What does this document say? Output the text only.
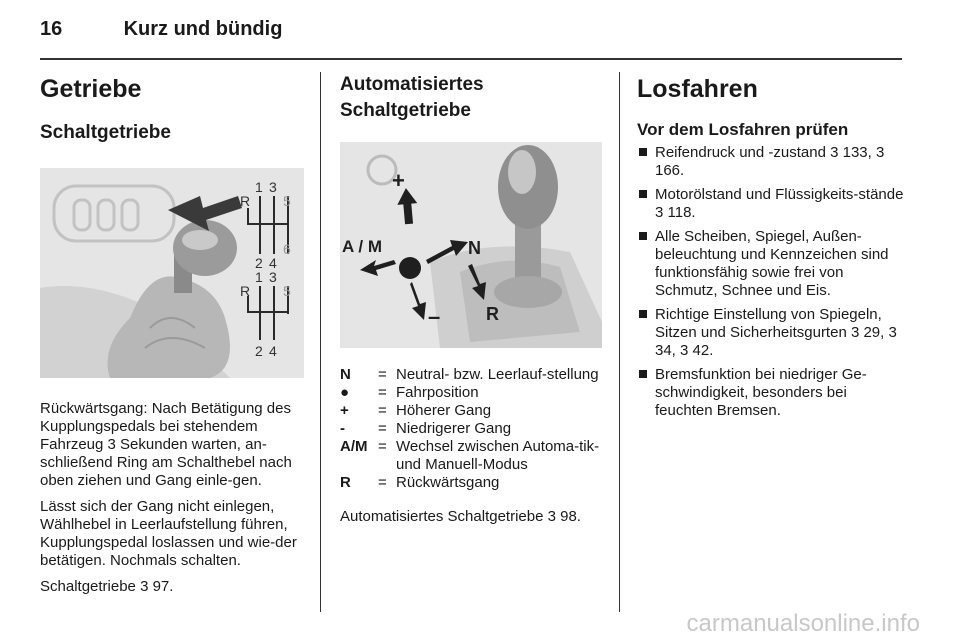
16	Kurz und bündig
Getriebe
Schaltgetriebe
R
1 3
5
2 4
6
R
1 3
5
2 4

Rückwärtsgang: Nach Betätigung des Kupplungspedals bei stehendem Fahrzeug 3 Sekunden warten, an-schließend Ring am Schalthebel nach oben ziehen und Gang einle-gen.

Lässt sich der Gang nicht einlegen, Wählhebel in Leerlaufstellung führen, Kupplungspedal loslassen und wie-der betätigen. Nochmals schalten.

Schaltgetriebe 3 97.

Automatisiertes Schaltgetriebe
+
A / M	N
–	R
N	=	Neutral- bzw. Leerlauf-stellung
●	=	Fahrposition
+	=	Höherer Gang
-	=	Niedrigerer Gang
A/M	=	Wechsel zwischen Automa-tik- und Manuell-Modus
R	=	Rückwärtsgang

Automatisiertes Schaltgetriebe 3 98.

Losfahren
Vor dem Losfahren prüfen
Reifendruck und -zustand 3 133, 3 166.
Motorölstand und Flüssigkeits-stände 3 118.
Alle Scheiben, Spiegel, Außen-beleuchtung und Kennzeichen sind funktionsfähig sowie frei von Schmutz, Schnee und Eis.
Richtige Einstellung von Spiegeln, Sitzen und Sicherheitsgurten 3 29, 3 34, 3 42.
Bremsfunktion bei niedriger Ge-schwindigkeit, besonders bei feuchten Bremsen.
carmanualsonline.info
